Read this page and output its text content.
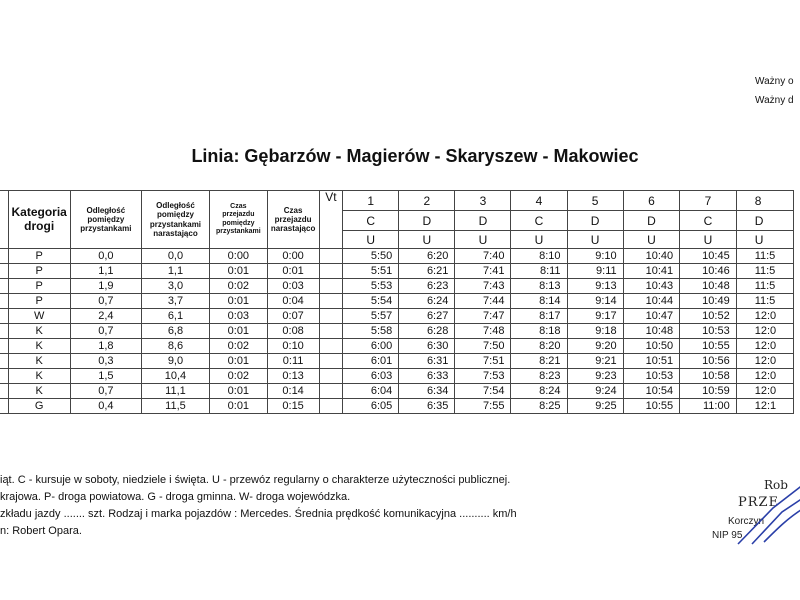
Ważny o
Ważny d
Linia: Gębarzów - Magierów - Skaryszew - Makowiec
	Kategoria drogi	Odległość pomiędzy przystankami	Odległość pomiędzy przystankami narastająco	Czas przejazdu pomiędzy przystankami	Czas przejazdu narastająco	Vt	1	2	3	4	5	6	7	8
							C	D	D	C	D	D	C	D
							U	U	U	U	U	U	U	U
	P	0,0	0,0	0:00	0:00		5:50	6:20	7:40	8:10	9:10	10:40	10:45	11:5
	P	1,1	1,1	0:01	0:01		5:51	6:21	7:41	8:11	9:11	10:41	10:46	11:5
	P	1,9	3,0	0:02	0:03		5:53	6:23	7:43	8:13	9:13	10:43	10:48	11:5
	P	0,7	3,7	0:01	0:04		5:54	6:24	7:44	8:14	9:14	10:44	10:49	11:5
	W	2,4	6,1	0:03	0:07		5:57	6:27	7:47	8:17	9:17	10:47	10:52	12:0
	K	0,7	6,8	0:01	0:08		5:58	6:28	7:48	8:18	9:18	10:48	10:53	12:0
	K	1,8	8,6	0:02	0:10		6:00	6:30	7:50	8:20	9:20	10:50	10:55	12:0
	K	0,3	9,0	0:01	0:11		6:01	6:31	7:51	8:21	9:21	10:51	10:56	12:0
	K	1,5	10,4	0:02	0:13		6:03	6:33	7:53	8:23	9:23	10:53	10:58	12:0
	K	0,7	11,1	0:01	0:14		6:04	6:34	7:54	8:24	9:24	10:54	10:59	12:0
	G	0,4	11,5	0:01	0:15		6:05	6:35	7:55	8:25	9:25	10:55	11:00	12:1
iąt. C - kursuje w soboty, niedziele i święta. U - przewóz regularny o charakterze użyteczności publicznej.
krajowa. P- droga powiatowa. G - droga gminna. W- droga wojewódzka.
zkładu jazdy ....... szt. Rodzaj i marka pojazdów : Mercedes. Średnia prędkość komunikacyjna .......... km/h
n: Robert Opara.
Rob
PRZE
Korczyn
NIP 95
